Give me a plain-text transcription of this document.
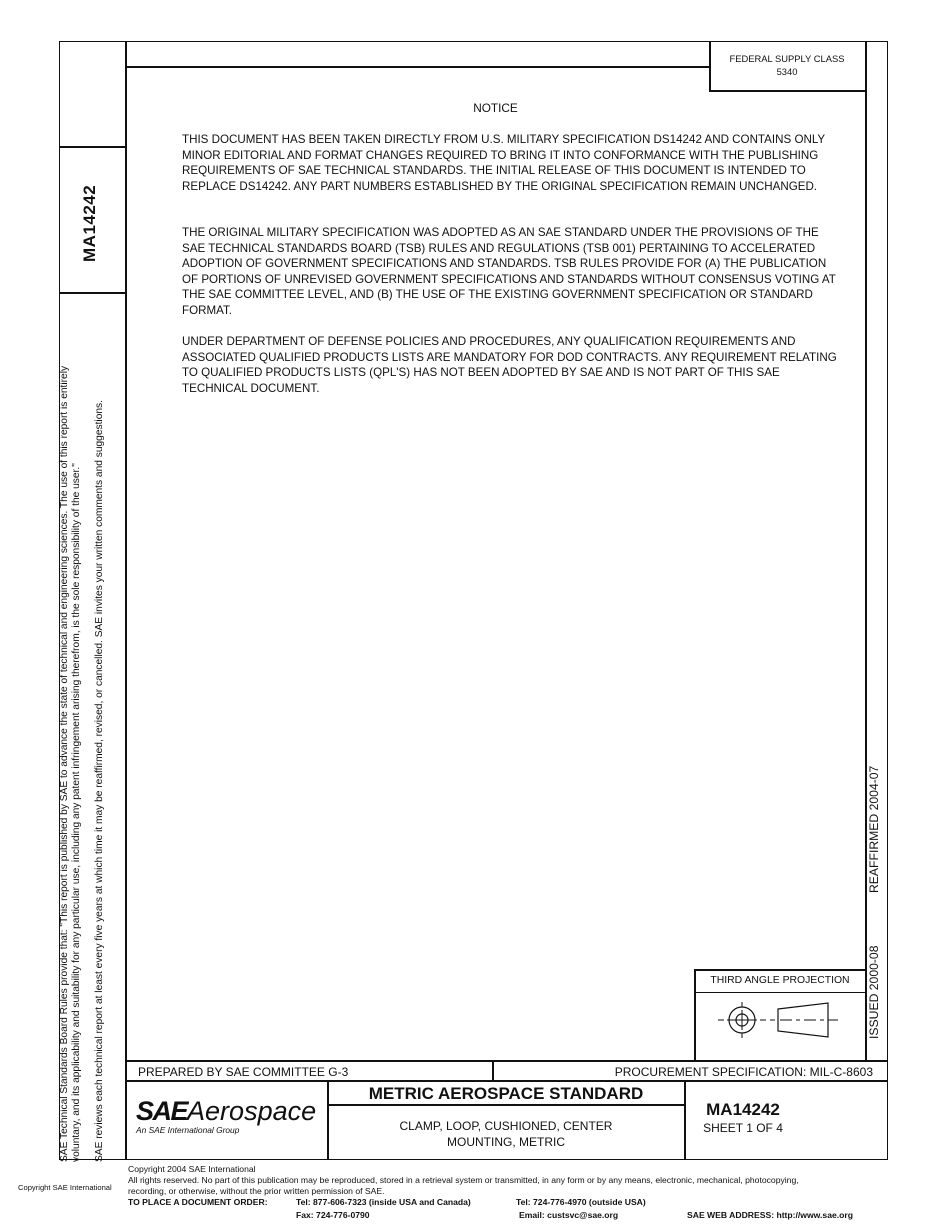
FEDERAL SUPPLY CLASS
5340
MA14242
SAE Technical Standards Board Rules provide that: "This report is published by SAE to advance the state of technical and engineering sciences. The use of this report is entirely voluntary, and its applicability and suitability for any particular use, including any patent infringement arising therefrom, is the sole responsibility of the user." SAE reviews each technical report at least every five years at which time it may be reaffirmed, revised, or cancelled. SAE invites your written comments and suggestions.
NOTICE

THIS DOCUMENT HAS BEEN TAKEN DIRECTLY FROM U.S. MILITARY SPECIFICATION DS14242 AND CONTAINS ONLY MINOR EDITORIAL AND FORMAT CHANGES REQUIRED TO BRING IT INTO CONFORMANCE WITH THE PUBLISHING REQUIREMENTS OF SAE TECHNICAL STANDARDS. THE INITIAL RELEASE OF THIS DOCUMENT IS INTENDED TO REPLACE DS14242. ANY PART NUMBERS ESTABLISHED BY THE ORIGINAL SPECIFICATION REMAIN UNCHANGED.

THE ORIGINAL MILITARY SPECIFICATION WAS ADOPTED AS AN SAE STANDARD UNDER THE PROVISIONS OF THE SAE TECHNICAL STANDARDS BOARD (TSB) RULES AND REGULATIONS (TSB 001) PERTAINING TO ACCELERATED ADOPTION OF GOVERNMENT SPECIFICATIONS AND STANDARDS. TSB RULES PROVIDE FOR (A) THE PUBLICATION OF PORTIONS OF UNREVISED GOVERNMENT SPECIFICATIONS AND STANDARDS WITHOUT CONSENSUS VOTING AT THE SAE COMMITTEE LEVEL, AND (B) THE USE OF THE EXISTING GOVERNMENT SPECIFICATION OR STANDARD FORMAT.

UNDER DEPARTMENT OF DEFENSE POLICIES AND PROCEDURES, ANY QUALIFICATION REQUIREMENTS AND ASSOCIATED QUALIFIED PRODUCTS LISTS ARE MANDATORY FOR DOD CONTRACTS. ANY REQUIREMENT RELATING TO QUALIFIED PRODUCTS LISTS (QPL'S) HAS NOT BEEN ADOPTED BY SAE AND IS NOT PART OF THIS SAE TECHNICAL DOCUMENT.

REAFFIRMED 2004-07
ISSUED 2000-08
THIRD ANGLE PROJECTION
PREPARED BY SAE COMMITTEE G-3	PROCUREMENT SPECIFICATION: MIL-C-8603
SAEAerospace
An SAE International Group
METRIC AEROSPACE STANDARD
CLAMP, LOOP, CUSHIONED, CENTER
MOUNTING, METRIC
MA14242
SHEET 1 OF 4
Copyright SAE International
Copyright 2004 SAE International
All rights reserved. No part of this publication may be reproduced, stored in a retrieval system or transmitted, in any form or by any means, electronic, mechanical, photocopying,
recording, or otherwise, without the prior written permission of SAE.
TO PLACE A DOCUMENT ORDER:	Tel: 877-606-7323 (inside USA and Canada)	Tel: 724-776-4970 (outside USA)
Fax: 724-776-0790	Email: custsvc@sae.org	SAE WEB ADDRESS: http://www.sae.org
